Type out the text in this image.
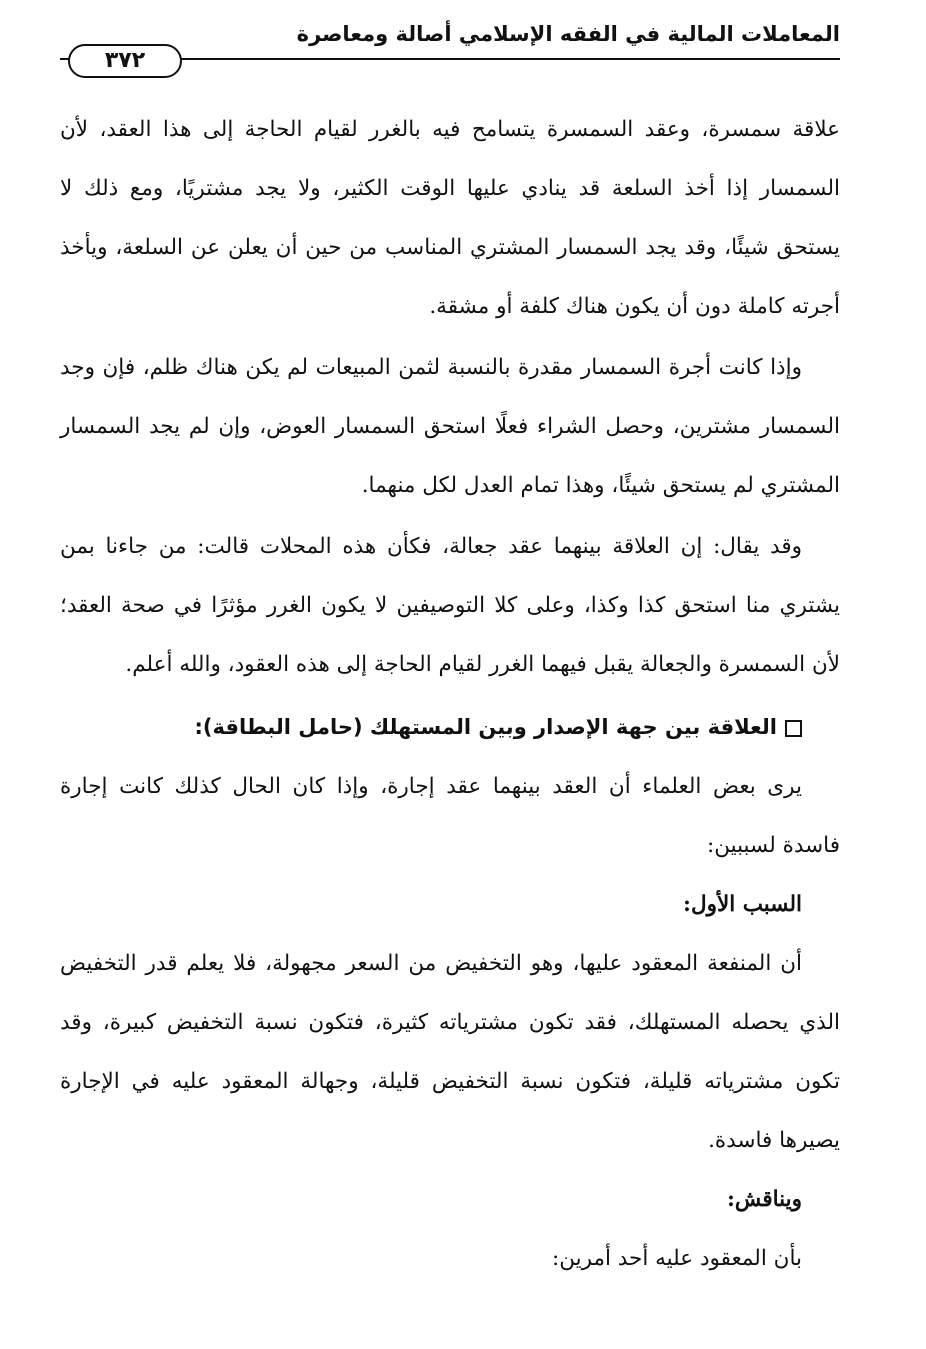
المعاملات المالية في الفقه الإسلامي أصالة ومعاصرة
٣٧٢

علاقة سمسرة، وعقد السمسرة يتسامح فيه بالغرر لقيام الحاجة إلى هذا العقد، لأن السمسار إذا أخذ السلعة قد ينادي عليها الوقت الكثير، ولا يجد مشتريًا، ومع ذلك لا يستحق شيئًا، وقد يجد السمسار المشتري المناسب من حين أن يعلن عن السلعة، ويأخذ أجرته كاملة دون أن يكون هناك كلفة أو مشقة.

وإذا كانت أجرة السمسار مقدرة بالنسبة لثمن المبيعات لم يكن هناك ظلم، فإن وجد السمسار مشترين، وحصل الشراء فعلًا استحق السمسار العوض، وإن لم يجد السمسار المشتري لم يستحق شيئًا، وهذا تمام العدل لكل منهما.

وقد يقال: إن العلاقة بينهما عقد جعالة، فكأن هذه المحلات قالت: من جاءنا بمن يشتري منا استحق كذا وكذا، وعلى كلا التوصيفين لا يكون الغرر مؤثرًا في صحة العقد؛ لأن السمسرة والجعالة يقبل فيهما الغرر لقيام الحاجة إلى هذه العقود، والله أعلم.

العلاقة بين جهة الإصدار وبين المستهلك (حامل البطاقة):

يرى بعض العلماء أن العقد بينهما عقد إجارة، وإذا كان الحال كذلك كانت إجارة فاسدة لسببين:

السبب الأول:

أن المنفعة المعقود عليها، وهو التخفيض من السعر مجهولة، فلا يعلم قدر التخفيض الذي يحصله المستهلك، فقد تكون مشترياته كثيرة، فتكون نسبة التخفيض كبيرة، وقد تكون مشترياته قليلة، فتكون نسبة التخفيض قليلة، وجهالة المعقود عليه في الإجارة يصيرها فاسدة.

ويناقش:

بأن المعقود عليه أحد أمرين:
